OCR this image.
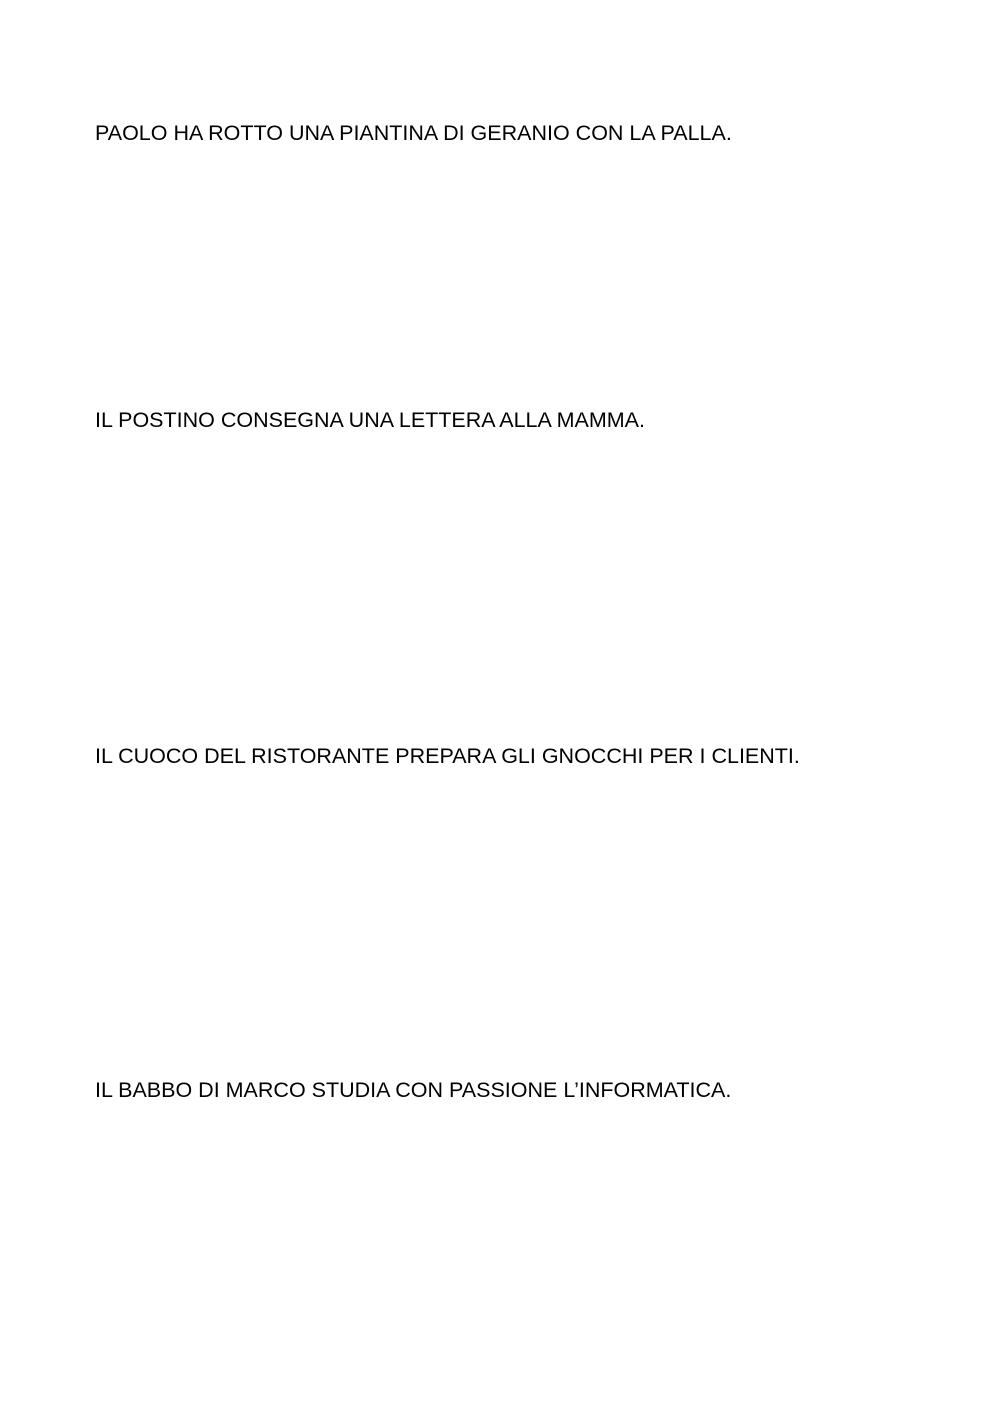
PAOLO HA ROTTO UNA PIANTINA DI GERANIO CON LA PALLA.

IL POSTINO CONSEGNA UNA LETTERA ALLA MAMMA.

IL CUOCO DEL RISTORANTE PREPARA GLI GNOCCHI PER I CLIENTI.

IL BABBO DI MARCO STUDIA CON PASSIONE L’INFORMATICA.
